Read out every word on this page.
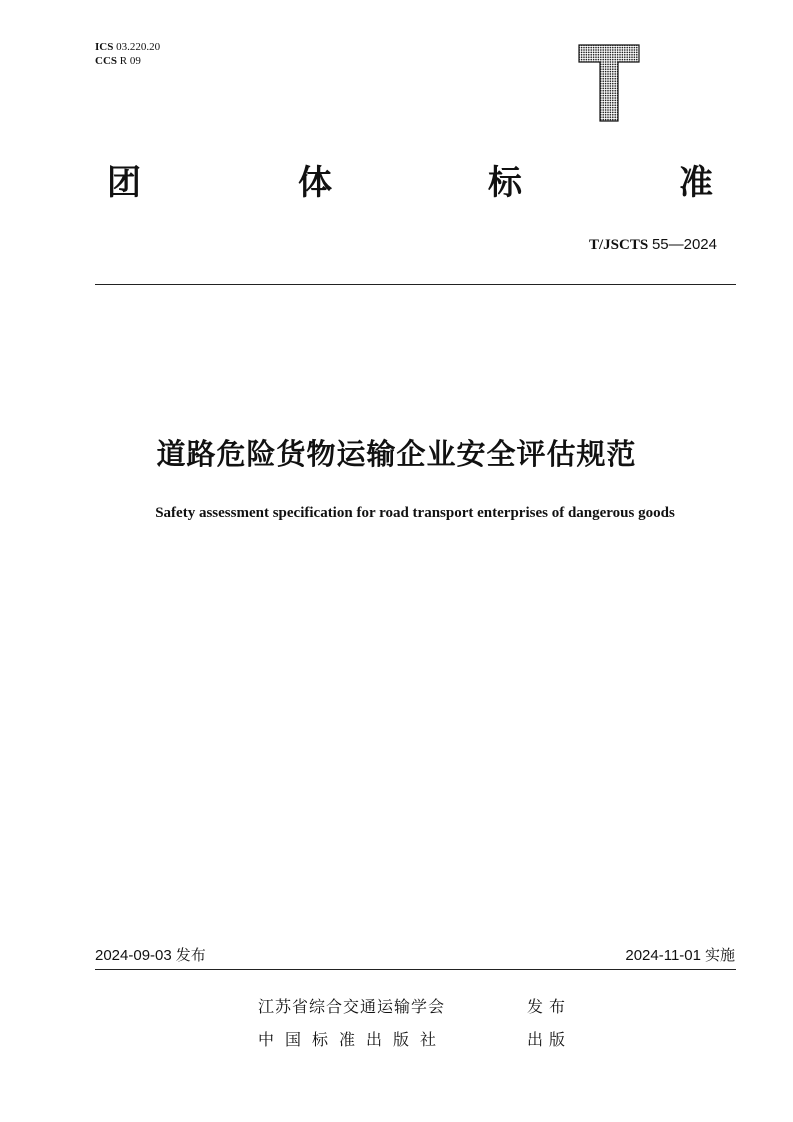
ICS 03.220.20
CCS R 09
团	体	标	准
T/JSCTS 55—2024
道路危险货物运输企业安全评估规范
Safety assessment specification for road transport enterprises of dangerous goods
2024-09-03 发布	2024-11-01 实施
江苏省综合交通运输学会	发布
中国标准出版社	出版
